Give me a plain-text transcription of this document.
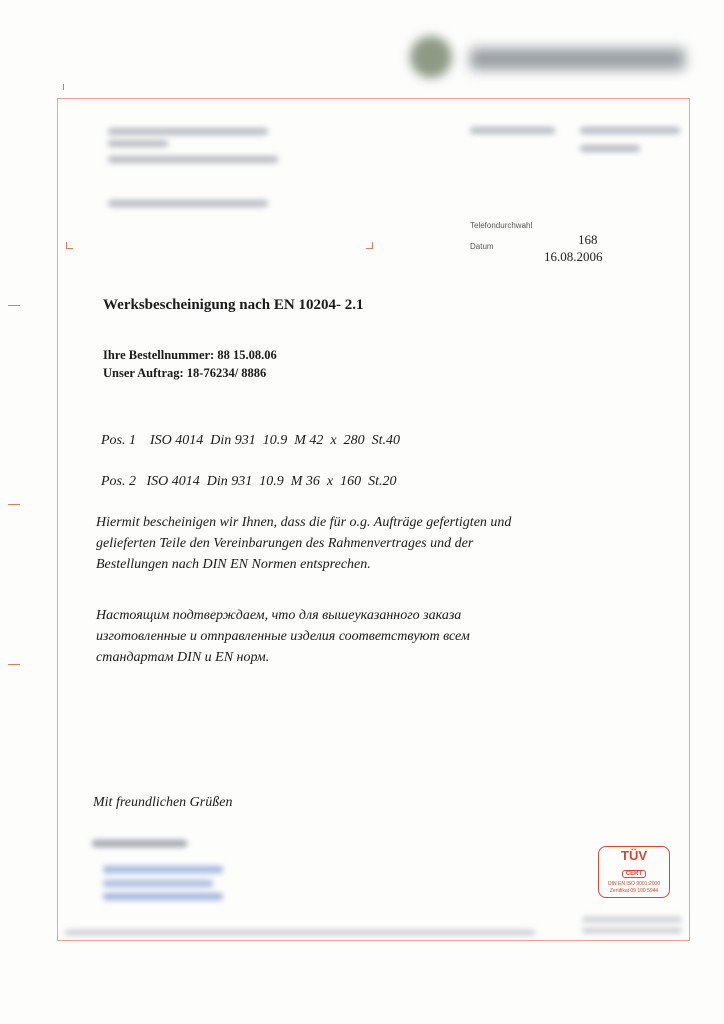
Telefondurchwahl
Datum	168
16.08.2006
Werksbescheinigung nach EN 10204- 2.1
Ihre Bestellnummer: 88 15.08.06
Unser Auftrag: 18-76234/ 8886
Pos. 1    ISO 4014  Din 931  10.9  M 42  x  280  St.40
Pos. 2   ISO 4014  Din 931  10.9  M 36  x  160  St.20
Hiermit bescheinigen wir Ihnen, dass die für o.g. Aufträge gefertigten und
gelieferten Teile den Vereinbarungen des Rahmenvertrages und der
Bestellungen nach DIN EN Normen entsprechen.
Настоящим подтверждаем, что для вышеуказанного заказа
изготовленные и отправленные изделия соответствуют всем
стандартам DIN и EN норм.
Mit freundlichen Grüßen
TÜV
CERT
DIN EN ISO 9001:2000
Zertifikat 09 100 5944
